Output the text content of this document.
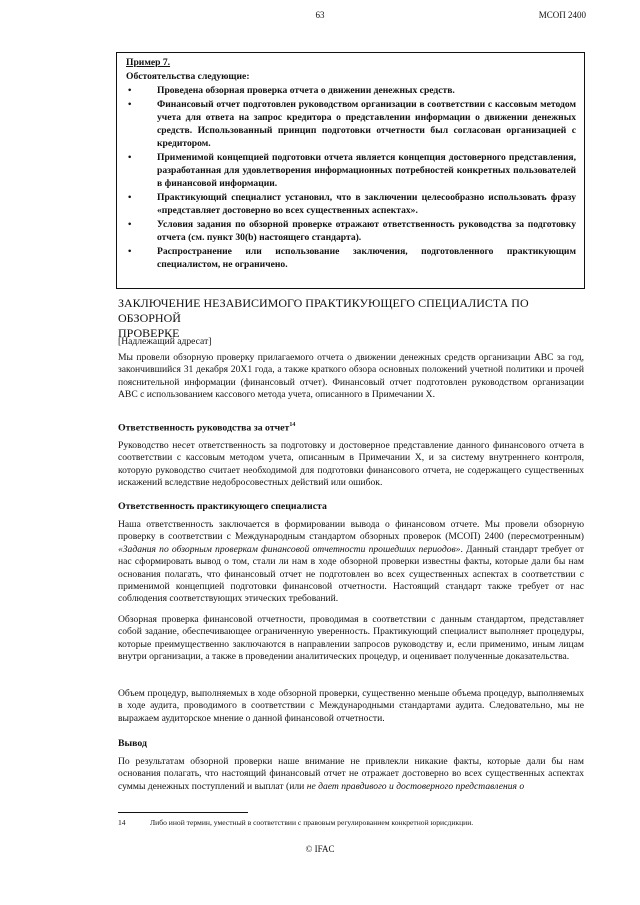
63	МСОП 2400
Пример 7.
Обстоятельства следующие:
•	Проведена обзорная проверка отчета о движении денежных средств.
•	Финансовый отчет подготовлен руководством организации в соответствии с кассовым методом учета для ответа на запрос кредитора о представлении информации о движении денежных средств. Использованный принцип подготовки отчетности был согласован организацией с кредитором.
•	Применимой концепцией подготовки отчета является концепция достоверного представления, разработанная для удовлетворения информационных потребностей конкретных пользователей в финансовой информации.
•	Практикующий специалист установил, что в заключении целесообразно использовать фразу «представляет достоверно во всех существенных аспектах».
•	Условия задания по обзорной проверке отражают ответственность руководства за подготовку отчета (см. пункт 30(b) настоящего стандарта).
•	Распространение или использование заключения, подготовленного практикующим специалистом, не ограничено.
ЗАКЛЮЧЕНИЕ НЕЗАВИСИМОГО ПРАКТИКУЮЩЕГО СПЕЦИАЛИСТА ПО ОБЗОРНОЙ
ПРОВЕРКЕ
[Надлежащий адресат]
Мы провели обзорную проверку прилагаемого отчета о движении денежных средств организации ABC за год, закончившийся 31 декабря 20X1 года, а также краткого обзора основных положений учетной политики и прочей пояснительной информации (финансовый отчет). Финансовый отчет подготовлен руководством организации ABC с использованием кассового метода учета, описанного в Примечании X.
Ответственность руководства за отчет$^{14}$
Руководство несет ответственность за подготовку и достоверное представление данного финансового отчета в соответствии с кассовым методом учета, описанным в Примечании X, и за систему внутреннего контроля, которую руководство считает необходимой для подготовки финансового отчета, не содержащего существенных искажений вследствие недобросовестных действий или ошибок.
Ответственность практикующего специалиста
Наша ответственность заключается в формировании вывода о финансовом отчете. Мы провели обзорную проверку в соответствии с Международным стандартом обзорных проверок (МСОП) 2400 (пересмотренным) «Задания по обзорным проверкам финансовой отчетности прошедших периодов». Данный стандарт требует от нас сформировать вывод о том, стали ли нам в ходе обзорной проверки известны факты, которые дали бы нам основания полагать, что финансовый отчет не подготовлен во всех существенных аспектах в соответствии с применимой концепцией подготовки финансовой отчетности. Настоящий стандарт также требует от нас соблюдения соответствующих этических требований.
Обзорная проверка финансовой отчетности, проводимая в соответствии с данным стандартом, представляет собой задание, обеспечивающее ограниченную уверенность. Практикующий специалист выполняет процедуры, которые преимущественно заключаются в направлении запросов руководству и, если применимо, иным лицам внутри организации, а также в проведении аналитических процедур, и оценивает полученные доказательства.
Объем процедур, выполняемых в ходе обзорной проверки, существенно меньше объема процедур, выполняемых в ходе аудита, проводимого в соответствии с Международными стандартами аудита. Следовательно, мы не выражаем аудиторское мнение о данной финансовой отчетности.
Вывод
По результатам обзорной проверки наше внимание не привлекли никакие факты, которые дали бы нам основания полагать, что настоящий финансовый отчет не отражает достоверно во всех существенных аспектах суммы денежных поступлений и выплат (или не дает правдивого и достоверного представления о
14	Либо иной термин, уместный в соответствии с правовым регулированием конкретной юрисдикции.
© IFAC
